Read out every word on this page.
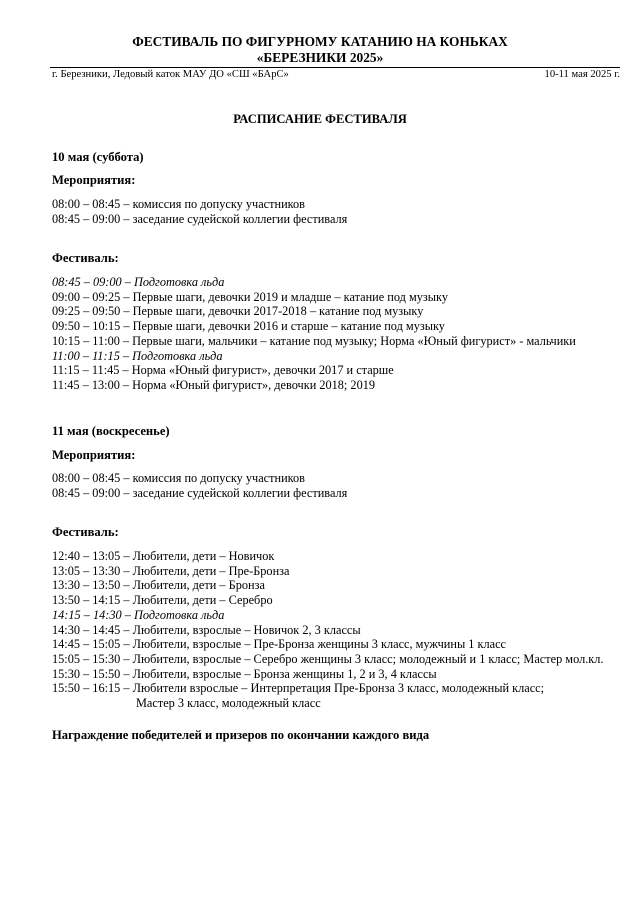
ФЕСТИВАЛЬ ПО ФИГУРНОМУ КАТАНИЮ НА КОНЬКАХ
«БЕРЕЗНИКИ 2025»
г. Березники, Ледовый каток МАУ ДО «СШ «БАрС»	10-11 мая 2025 г.
РАСПИСАНИЕ ФЕСТИВАЛЯ
10 мая (суббота)
Мероприятия:
08:00 – 08:45 – комиссия по допуску участников
08:45 – 09:00 – заседание судейской коллегии фестиваля
Фестиваль:
08:45 – 09:00 – Подготовка льда
09:00 – 09:25 – Первые шаги, девочки 2019 и младше – катание под музыку
09:25 – 09:50 – Первые шаги, девочки 2017-2018 – катание под музыку
09:50 – 10:15 – Первые шаги, девочки 2016 и старше – катание под музыку
10:15 – 11:00 – Первые шаги, мальчики – катание под музыку; Норма «Юный фигурист» - мальчики
11:00 – 11:15 – Подготовка льда
11:15 – 11:45 – Норма «Юный фигурист», девочки 2017 и старше
11:45 – 13:00 – Норма «Юный фигурист», девочки 2018; 2019
11 мая (воскресенье)
Мероприятия:
08:00 – 08:45 – комиссия по допуску участников
08:45 – 09:00 – заседание судейской коллегии фестиваля
Фестиваль:
12:40 – 13:05 – Любители, дети – Новичок
13:05 – 13:30 – Любители, дети – Пре-Бронза
13:30 – 13:50 – Любители, дети – Бронза
13:50 – 14:15 – Любители, дети – Серебро
14:15 – 14:30 – Подготовка льда
14:30 – 14:45 – Любители, взрослые – Новичок 2, 3 классы
14:45 – 15:05 – Любители, взрослые – Пре-Бронза женщины 3 класс, мужчины 1 класс
15:05 – 15:30 – Любители, взрослые – Серебро женщины 3 класс; молодежный и 1 класс; Мастер мол.кл.
15:30 – 15:50 – Любители, взрослые – Бронза женщины 1, 2 и 3, 4 классы
15:50 – 16:15 – Любители взрослые – Интерпретация Пре-Бронза 3 класс, молодежный класс;
Мастер 3 класс, молодежный класс
Награждение победителей и призеров по окончании каждого вида
